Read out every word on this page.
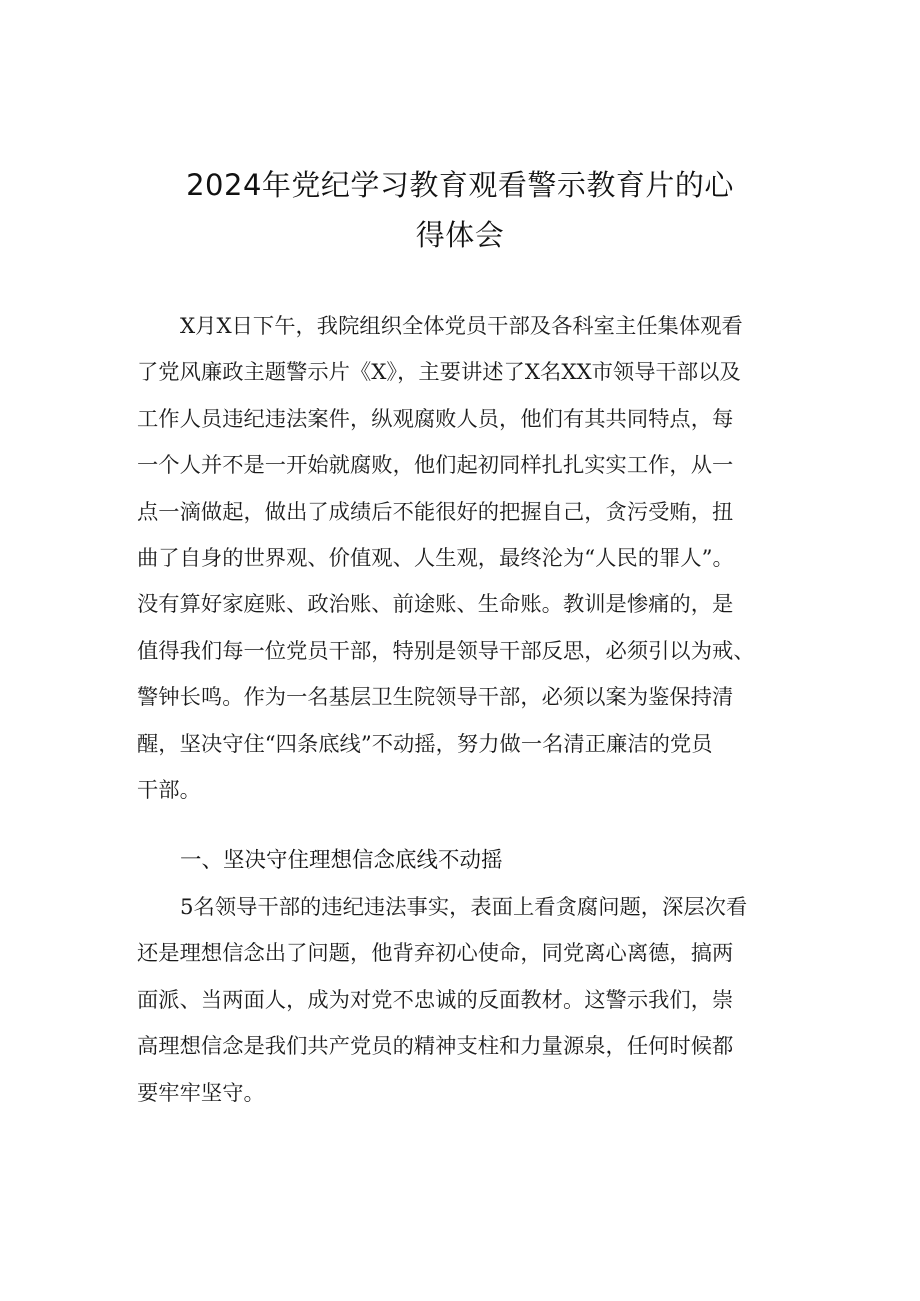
2024年党纪学习教育观看警示教育片的心
得体会
X月X日下午，我院组织全体党员干部及各科室主任集体观看
了党风廉政主题警示片《X》，主要讲述了X名XX市领导干部以及
工作人员违纪违法案件，纵观腐败人员，他们有其共同特点，每
一个人并不是一开始就腐败，他们起初同样扎扎实实工作，从一
点一滴做起，做出了成绩后不能很好的把握自己，贪污受贿，扭
曲了自身的世界观、价值观、人生观，最终沦为“人民的罪人”。
没有算好家庭账、政治账、前途账、生命账。教训是惨痛的，是
值得我们每一位党员干部，特别是领导干部反思，必须引以为戒、
警钟长鸣。作为一名基层卫生院领导干部，必须以案为鉴保持清
醒，坚决守住“四条底线”不动摇，努力做一名清正廉洁的党员
干部。
一、坚决守住理想信念底线不动摇
5名领导干部的违纪违法事实，表面上看贪腐问题，深层次看
还是理想信念出了问题，他背弃初心使命，同党离心离德，搞两
面派、当两面人，成为对党不忠诚的反面教材。这警示我们，崇
高理想信念是我们共产党员的精神支柱和力量源泉，任何时候都
要牢牢坚守。
